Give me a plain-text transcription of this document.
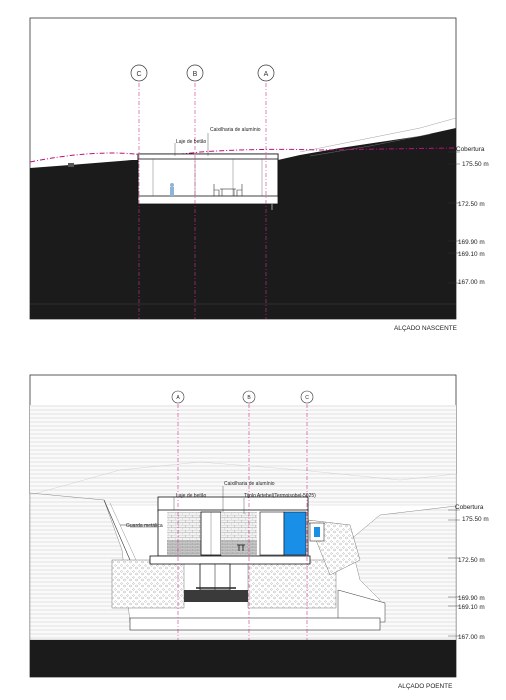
C	B	A
Laje de betão
Caixilharia de alumínio
Cobertura
175.50 m
172.50 m
169.90 m
169.10 m
167.00 m
ALÇADO NASCENTE
A	B	C
Laje de betão
Caixilharia de alumínio
Tijolo Artebel(Termoisobel-5025)
Guarda metálica
Cobertura
175.50 m
172.50 m
169.90 m
169.10 m
167.00 m
ALÇADO POENTE
